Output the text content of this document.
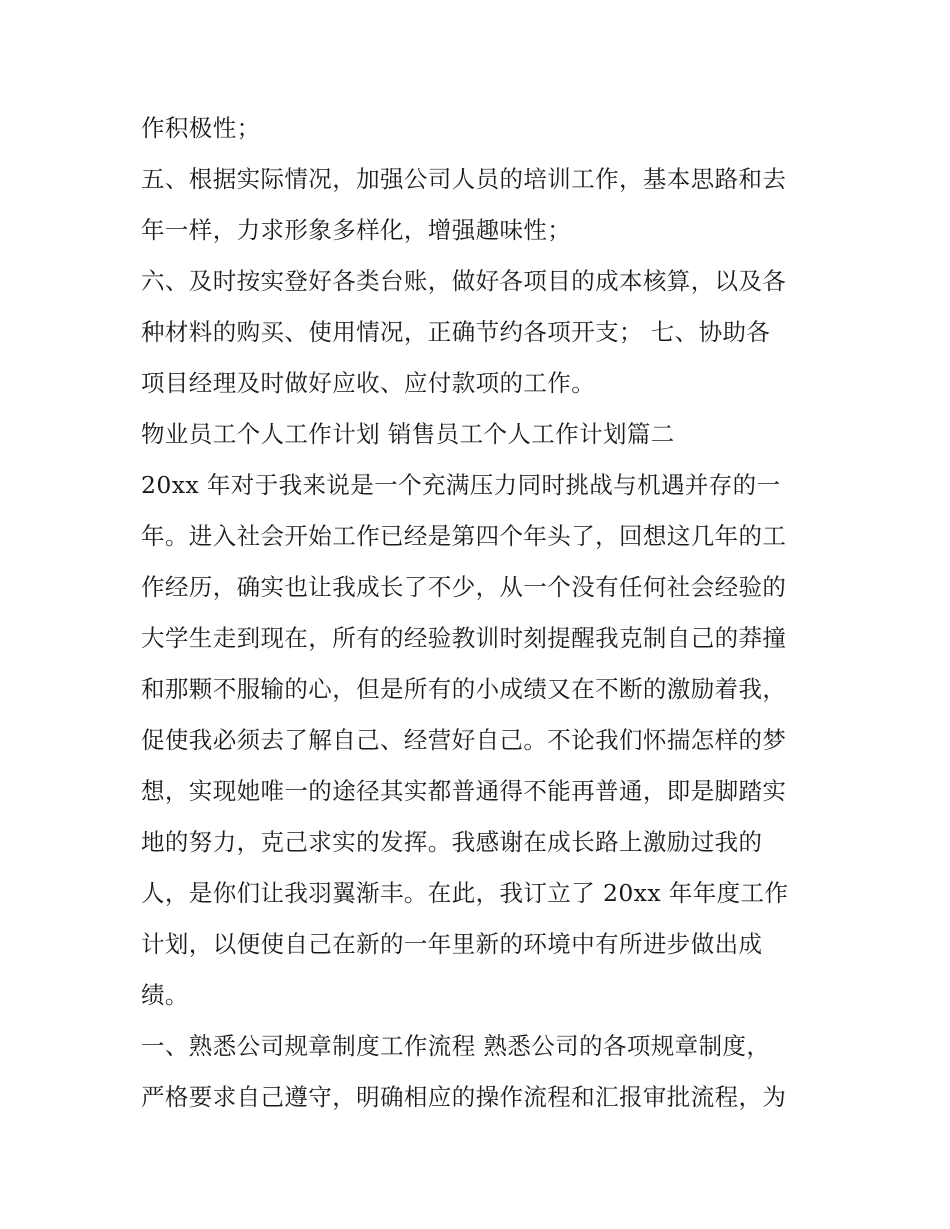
作积极性；
五、根据实际情况，加强公司人员的培训工作，基本思路和去
年一样，力求形象多样化，增强趣味性；
六、及时按实登好各类台账，做好各项目的成本核算，以及各
种材料的购买、使用情况，正确节约各项开支； 七、协助各
项目经理及时做好应收、应付款项的工作。
物业员工个人工作计划 销售员工个人工作计划篇二
20xx 年对于我来说是一个充满压力同时挑战与机遇并存的一
年。进入社会开始工作已经是第四个年头了，回想这几年的工
作经历，确实也让我成长了不少，从一个没有任何社会经验的
大学生走到现在，所有的经验教训时刻提醒我克制自己的莽撞
和那颗不服输的心，但是所有的小成绩又在不断的激励着我，
促使我必须去了解自己、经营好自己。不论我们怀揣怎样的梦
想，实现她唯一的途径其实都普通得不能再普通，即是脚踏实
地的努力，克己求实的发挥。我感谢在成长路上激励过我的
人，是你们让我羽翼渐丰。在此，我订立了 20xx 年年度工作
计划，以便使自己在新的一年里新的环境中有所进步做出成
绩。
一、熟悉公司规章制度工作流程 熟悉公司的各项规章制度，
严格要求自己遵守，明确相应的操作流程和汇报审批流程，为
